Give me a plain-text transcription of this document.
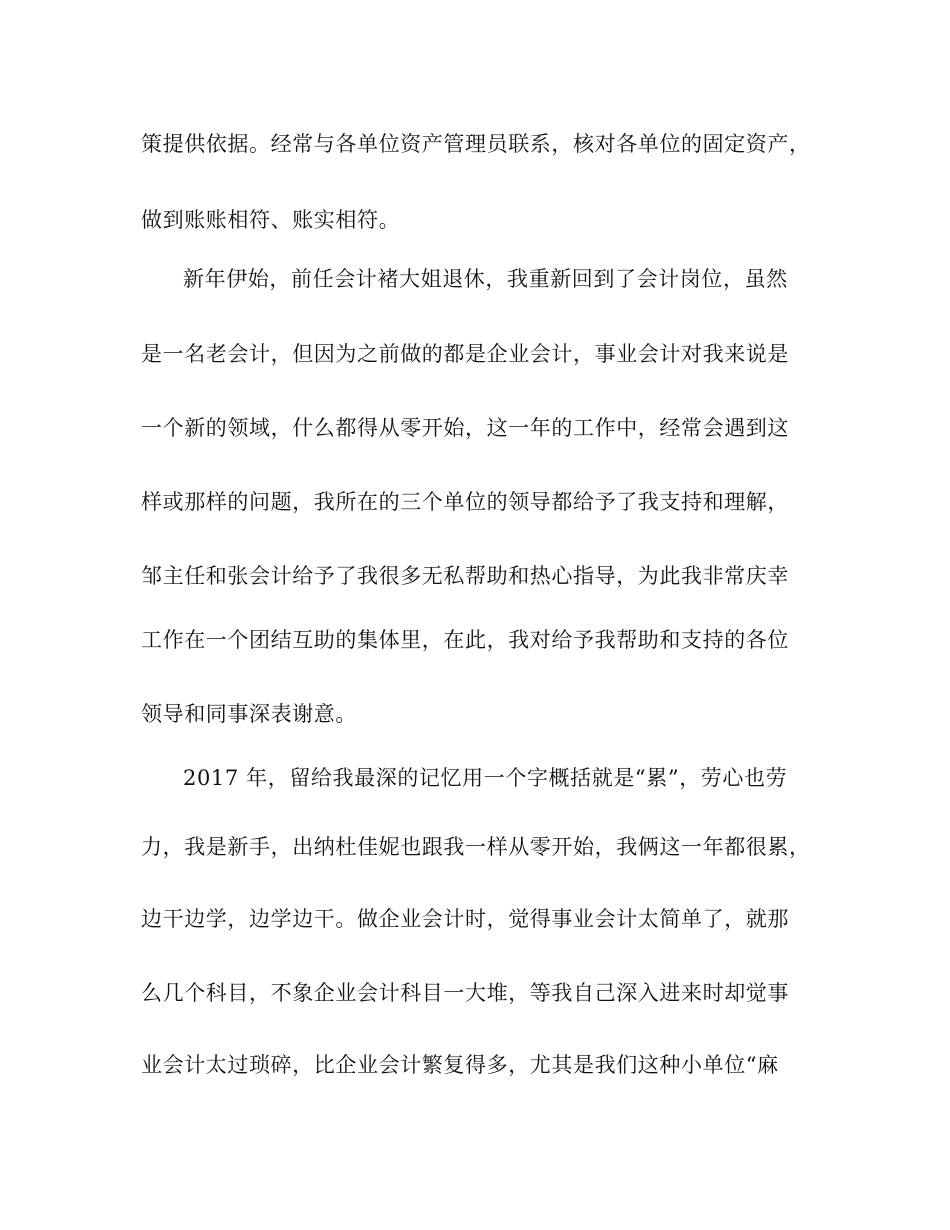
策提供依据。经常与各单位资产管理员联系，核对各单位的固定资产，
做到账账相符、账实相符。
新年伊始，前任会计褚大姐退休，我重新回到了会计岗位，虽然
是一名老会计，但因为之前做的都是企业会计，事业会计对我来说是
一个新的领域，什么都得从零开始，这一年的工作中，经常会遇到这
样或那样的问题，我所在的三个单位的领导都给予了我支持和理解，
邹主任和张会计给予了我很多无私帮助和热心指导，为此我非常庆幸
工作在一个团结互助的集体里，在此，我对给予我帮助和支持的各位
领导和同事深表谢意。
2017 年，留给我最深的记忆用一个字概括就是“累”，劳心也劳
力，我是新手，出纳杜佳妮也跟我一样从零开始，我俩这一年都很累，
边干边学，边学边干。做企业会计时，觉得事业会计太简单了，就那
么几个科目，不象企业会计科目一大堆，等我自己深入进来时却觉事
业会计太过琐碎，比企业会计繁复得多，尤其是我们这种小单位“麻
